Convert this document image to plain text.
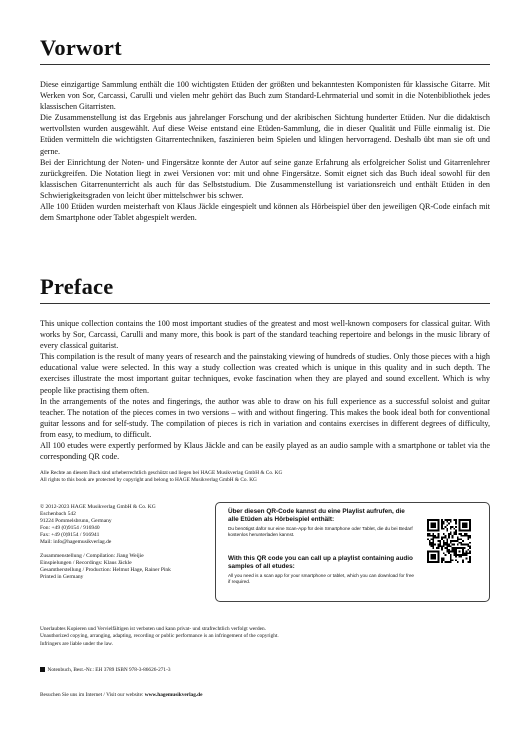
Vorwort

Diese einzigartige Sammlung enthält die 100 wichtigsten Etüden der größten und bekanntesten Komponisten für klassische Gitarre. Mit Werken von Sor, Carcassi, Carulli und vielen mehr gehört das Buch zum Standard-Lehrmaterial und somit in die Notenbibliothek jedes klassischen Gitarristen.

Die Zusammenstellung ist das Ergebnis aus jahrelanger Forschung und der akribischen Sichtung hunderter Etüden. Nur die didaktisch wertvollsten wurden ausgewählt. Auf diese Weise entstand eine Etüden-Sammlung, die in dieser Qualität und Fülle einmalig ist. Die Etüden vermitteln die wichtigsten Gitarrentechniken, faszinieren beim Spielen und klingen hervorragend. Deshalb übt man sie oft und gerne.

Bei der Einrichtung der Noten- und Fingersätze konnte der Autor auf seine ganze Erfahrung als erfolgreicher Solist und Gitarrenlehrer zurückgreifen. Die Notation liegt in zwei Versionen vor: mit und ohne Fingersätze. Somit eignet sich das Buch ideal sowohl für den klassischen Gitarrenunterricht als auch für das Selbststudium. Die Zusammenstellung ist variationsreich und enthält Etüden in den Schwierigkeitsgraden von leicht über mittelschwer bis schwer.

Alle 100 Etüden wurden meisterhaft von Klaus Jäckle eingespielt und können als Hörbeispiel über den jeweiligen QR-Code einfach mit dem Smartphone oder Tablet abgespielt werden.

Preface

This unique collection contains the 100 most important studies of the greatest and most well-known composers for classical guitar. With works by Sor, Carcassi, Carulli and many more, this book is part of the standard teaching repertoire and belongs in the music library of every classical guitarist.

This compilation is the result of many years of research and the painstaking viewing of hundreds of studies. Only those pieces with a high educational value were selected. In this way a study collection was created which is unique in this quality and in such depth. The exercises illustrate the most important guitar techniques, evoke fascination when they are played and sound excellent. Which is why people like practising them often.

In the arrangements of the notes and fingerings, the author was able to draw on his full experience as a successful soloist and guitar teacher. The notation of the pieces comes in two versions – with and without fingering. This makes the book ideal both for conventional guitar lessons and for self-study. The compilation of pieces is rich in variation and contains exercises in different degrees of difficulty, from easy, to medium, to difficult.

All 100 etudes were expertly performed by Klaus Jäckle and can be easily played as an audio sample with a smartphone or tablet via the corresponding QR code.

Alle Rechte an diesem Buch sind urheberrechtlich geschützt und liegen bei HAGE Musikverlag GmbH & Co. KG

All rights to this book are protected by copyright and belong to HAGE Musikverlag GmbH & Co. KG

© 2012-2023 HAGE Musikverlag GmbH & Co. KG

Eschenbach 542

91224 Pommelsbrunn, Germany

Fon: +49 (0)9154 / 916940

Fax: +49 (0)9154 / 916941

Mail: info@hagemusikverlag.de

Zusammenstellung / Compilation: Jiang Weijie

Einspielungen / Recordings: Klaus Jäckle

Gesamtherstellung / Production: Helmut Hage, Rainer Pink

Printed in Germany

Über diesen QR-Code kannst du eine Playlist aufrufen, die alle Etüden als Hörbeispiel enthält:
Du benötigst dafür nur eine Scan-App für dein Smartphone oder Tablet, die du bei Bedarf kostenlos herunterladen kannst.
With this QR code you can call up a playlist containing audio samples of all etudes:
All you need is a scan app for your smartphone or tablet, which you can download for free if required.

Unerlaubtes Kopieren und Vervielfältigen ist verboten und kann privat- und strafrechtlich verfolgt werden.

Unauthorized copying, arranging, adapting, recording or public performance is an infringement of the copyright.

Infringers are liable under the law.

Notenbuch, Best.-Nr.: EH 3789 ISBN 978-3-86626-271-3
Besuchen Sie uns im Internet / Visit our website: www.hagemusikverlag.de
